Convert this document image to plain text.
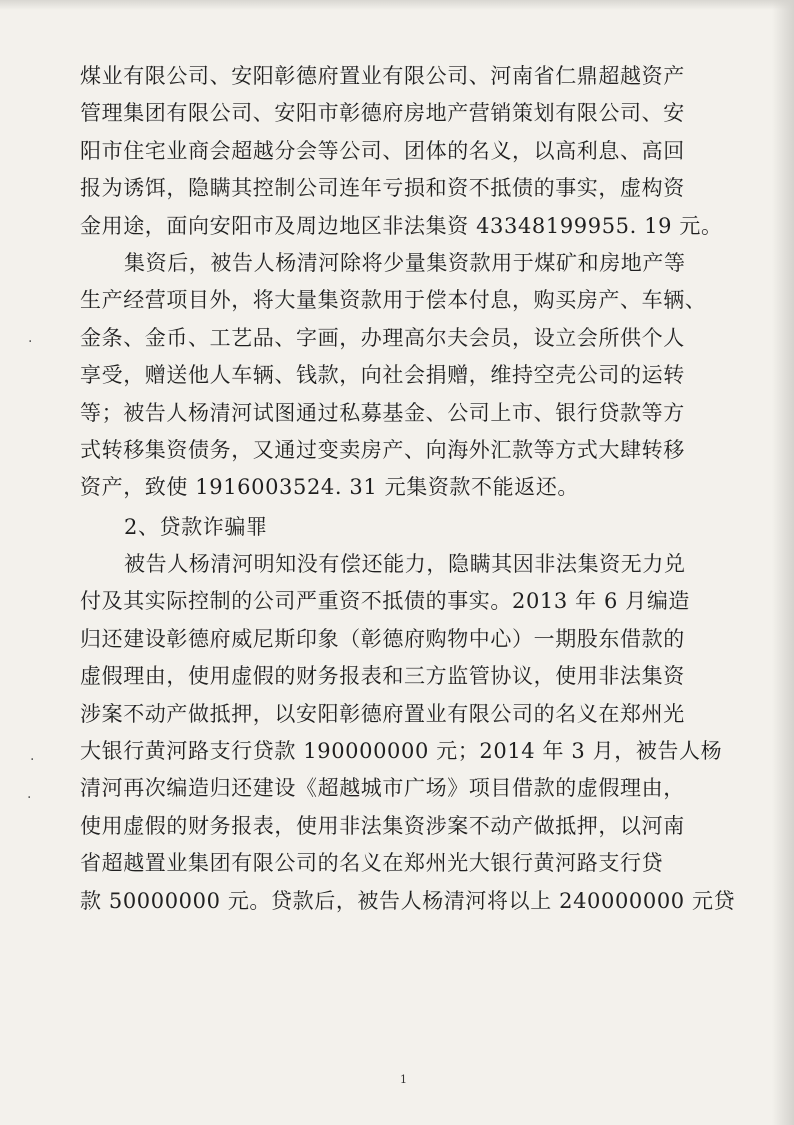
煤业有限公司、安阳彰德府置业有限公司、河南省仁鼎超越资产
管理集团有限公司、安阳市彰德府房地产营销策划有限公司、安
阳市住宅业商会超越分会等公司、团体的名义，以高利息、高回
报为诱饵，隐瞒其控制公司连年亏损和资不抵债的事实，虚构资
金用途，面向安阳市及周边地区非法集资 43348199955. 19 元。
集资后，被告人杨清河除将少量集资款用于煤矿和房地产等
生产经营项目外，将大量集资款用于偿本付息，购买房产、车辆、
金条、金币、工艺品、字画，办理高尔夫会员，设立会所供个人
享受，赠送他人车辆、钱款，向社会捐赠，维持空壳公司的运转
等；被告人杨清河试图通过私募基金、公司上市、银行贷款等方
式转移集资债务，又通过变卖房产、向海外汇款等方式大肆转移
资产，致使 1916003524. 31 元集资款不能返还。
2、贷款诈骗罪
被告人杨清河明知没有偿还能力，隐瞒其因非法集资无力兑
付及其实际控制的公司严重资不抵债的事实。2013 年 6 月编造
归还建设彰德府威尼斯印象（彰德府购物中心）一期股东借款的
虚假理由，使用虚假的财务报表和三方监管协议，使用非法集资
涉案不动产做抵押，以安阳彰德府置业有限公司的名义在郑州光
大银行黄河路支行贷款 190000000 元；2014 年 3 月，被告人杨
清河再次编造归还建设《超越城市广场》项目借款的虚假理由，
使用虚假的财务报表，使用非法集资涉案不动产做抵押，以河南
省超越置业集团有限公司的名义在郑州光大银行黄河路支行贷
款 50000000 元。贷款后，被告人杨清河将以上 240000000 元贷
·
·
·
1
